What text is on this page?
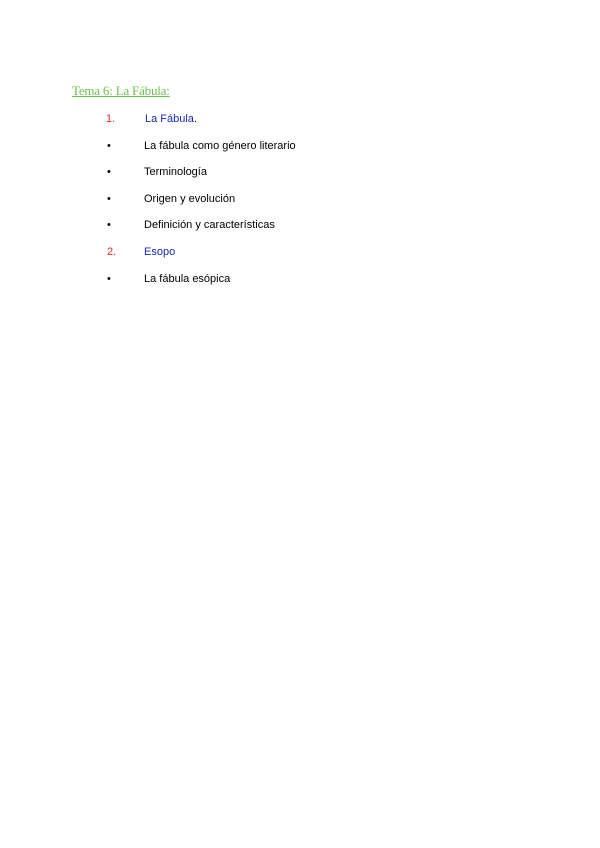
Tema 6: La Fábula:
1.	La Fábula.
•	La fábula como género literario
•	Terminología
•	Origen y evolución
•	Definición y características
2.	Esopo
•	La fábula esópica
